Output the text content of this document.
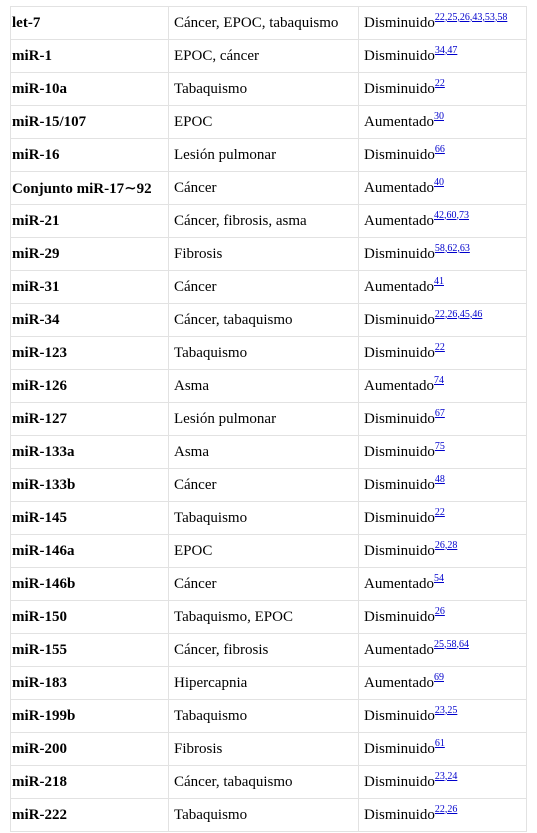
let-7	Cáncer, EPOC, tabaquismo	Disminuido$^{22,25,26,43,53,58}$
miR-1	EPOC, cáncer	Disminuido$^{34,47}$
miR-10a	Tabaquismo	Disminuido$^{22}$
miR-15/107	EPOC	Aumentado$^{30}$
miR-16	Lesión pulmonar	Disminuido$^{66}$
Conjunto miR-17∼92	Cáncer	Aumentado$^{40}$
miR-21	Cáncer, fibrosis, asma	Aumentado$^{42,60,73}$
miR-29	Fibrosis	Disminuido$^{58,62,63}$
miR-31	Cáncer	Aumentado$^{41}$
miR-34	Cáncer, tabaquismo	Disminuido$^{22,26,45,46}$
miR-123	Tabaquismo	Disminuido$^{22}$
miR-126	Asma	Aumentado$^{74}$
miR-127	Lesión pulmonar	Disminuido$^{67}$
miR-133a	Asma	Disminuido$^{75}$
miR-133b	Cáncer	Disminuido$^{48}$
miR-145	Tabaquismo	Disminuido$^{22}$
miR-146a	EPOC	Disminuido$^{26,28}$
miR-146b	Cáncer	Aumentado$^{54}$
miR-150	Tabaquismo, EPOC	Disminuido$^{26}$
miR-155	Cáncer, fibrosis	Aumentado$^{25,58,64}$
miR-183	Hipercapnia	Aumentado$^{69}$
miR-199b	Tabaquismo	Disminuido$^{23,25}$
miR-200	Fibrosis	Disminuido$^{61}$
miR-218	Cáncer, tabaquismo	Disminuido$^{23,24}$
miR-222	Tabaquismo	Disminuido$^{22,26}$
